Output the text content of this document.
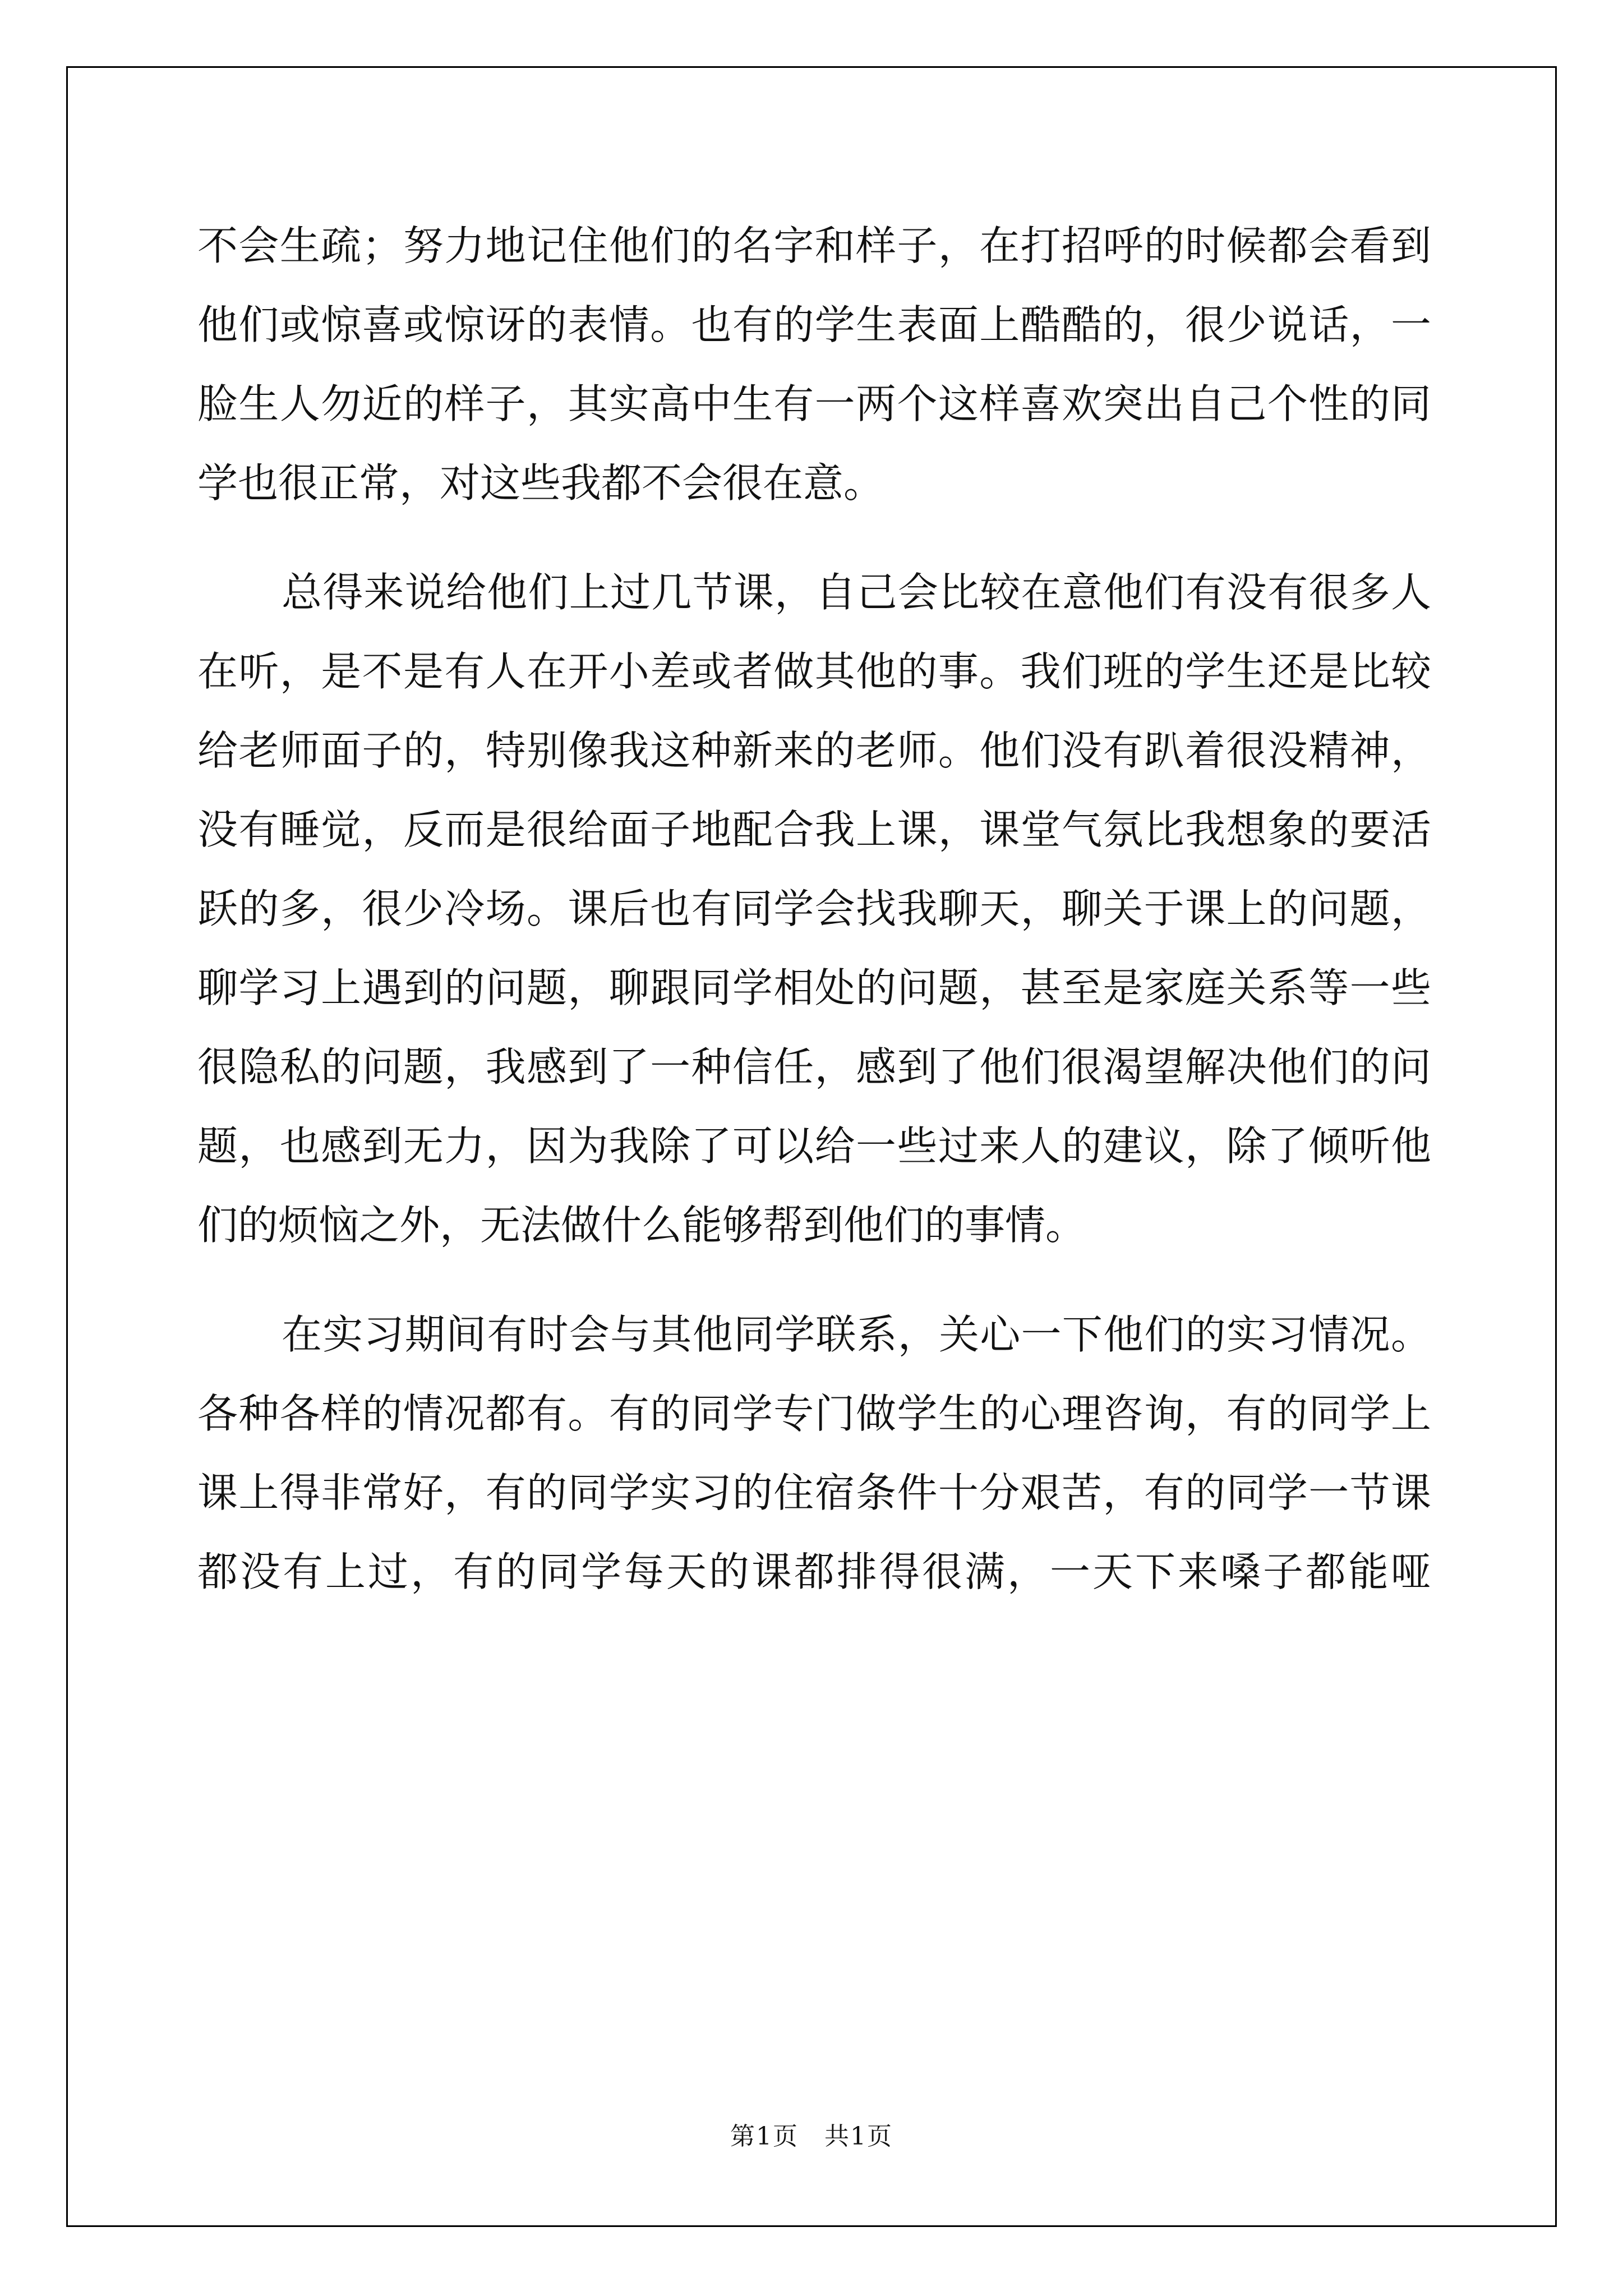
不会生疏；努力地记住他们的名字和样子，在打招呼的时候都会看到
他们或惊喜或惊讶的表情。也有的学生表面上酷酷的，很少说话，一
脸生人勿近的样子，其实高中生有一两个这样喜欢突出自己个性的同
学也很正常，对这些我都不会很在意。
总得来说给他们上过几节课，自己会比较在意他们有没有很多人
在听，是不是有人在开小差或者做其他的事。我们班的学生还是比较
给老师面子的，特别像我这种新来的老师。他们没有趴着很没精神，
没有睡觉，反而是很给面子地配合我上课，课堂气氛比我想象的要活
跃的多，很少冷场。课后也有同学会找我聊天，聊关于课上的问题，
聊学习上遇到的问题，聊跟同学相处的问题，甚至是家庭关系等一些
很隐私的问题，我感到了一种信任，感到了他们很渴望解决他们的问
题，也感到无力，因为我除了可以给一些过来人的建议，除了倾听他
们的烦恼之外，无法做什么能够帮到他们的事情。
在实习期间有时会与其他同学联系，关心一下他们的实习情况。
各种各样的情况都有。有的同学专门做学生的心理咨询，有的同学上
课上得非常好，有的同学实习的住宿条件十分艰苦，有的同学一节课
都没有上过，有的同学每天的课都排得很满，一天下来嗓子都能哑
第1页　共1页
